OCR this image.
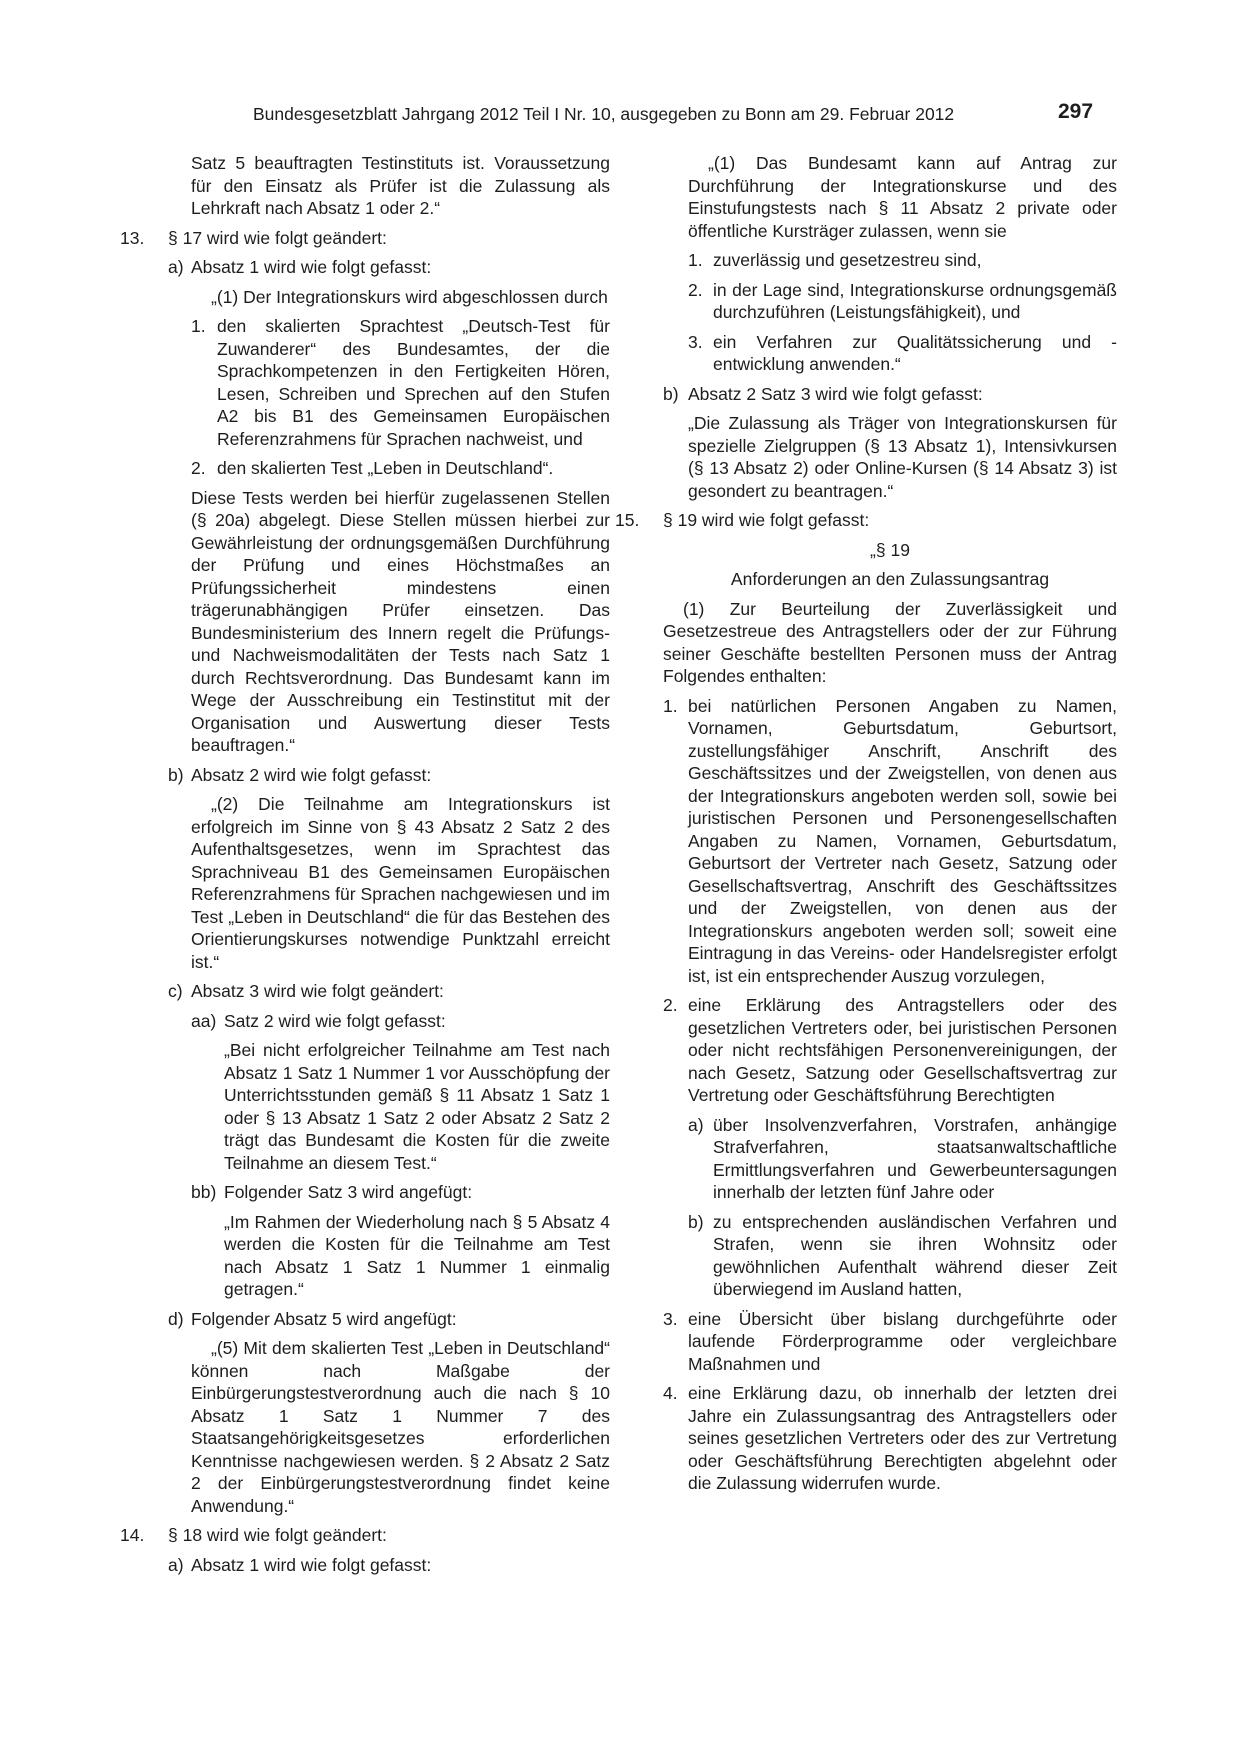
Bundesgesetzblatt Jahrgang 2012 Teil I Nr. 10, ausgegeben zu Bonn am 29. Februar 2012	297

Satz 5 beauftragten Testinstituts ist. Voraussetzung für den Einsatz als Prüfer ist die Zulassung als Lehrkraft nach Absatz 1 oder 2.“

13. § 17 wird wie folgt geändert:
a) Absatz 1 wird wie folgt gefasst:

„(1) Der Integrationskurs wird abgeschlossen durch

1. den skalierten Sprachtest „Deutsch-Test für Zuwanderer“ des Bundesamtes, der die Sprachkompetenzen in den Fertigkeiten Hören, Lesen, Schreiben und Sprechen auf den Stufen A2 bis B1 des Gemeinsamen Europäischen Referenzrahmens für Sprachen nachweist, und
2. den skalierten Test „Leben in Deutschland“.

Diese Tests werden bei hierfür zugelassenen Stellen (§ 20a) abgelegt. Diese Stellen müssen hierbei zur Gewährleistung der ordnungsgemäßen Durchführung der Prüfung und eines Höchstmaßes an Prüfungssicherheit mindestens einen trägerunabhängigen Prüfer einsetzen. Das Bundesministerium des Innern regelt die Prüfungs- und Nachweismodalitäten der Tests nach Satz 1 durch Rechtsverordnung. Das Bundesamt kann im Wege der Ausschreibung ein Testinstitut mit der Organisation und Auswertung dieser Tests beauftragen.“

b) Absatz 2 wird wie folgt gefasst:

„(2) Die Teilnahme am Integrationskurs ist erfolgreich im Sinne von § 43 Absatz 2 Satz 2 des Aufenthaltsgesetzes, wenn im Sprachtest das Sprachniveau B1 des Gemeinsamen Europäischen Referenzrahmens für Sprachen nachgewiesen und im Test „Leben in Deutschland“ die für das Bestehen des Orientierungskurses notwendige Punktzahl erreicht ist.“

c) Absatz 3 wird wie folgt geändert:
aa) Satz 2 wird wie folgt gefasst:

„Bei nicht erfolgreicher Teilnahme am Test nach Absatz 1 Satz 1 Nummer 1 vor Ausschöpfung der Unterrichtsstunden gemäß § 11 Absatz 1 Satz 1 oder § 13 Absatz 1 Satz 2 oder Absatz 2 Satz 2 trägt das Bundesamt die Kosten für die zweite Teilnahme an diesem Test.“

bb) Folgender Satz 3 wird angefügt:

„Im Rahmen der Wiederholung nach § 5 Absatz 4 werden die Kosten für die Teilnahme am Test nach Absatz 1 Satz 1 Nummer 1 einmalig getragen.“

d) Folgender Absatz 5 wird angefügt:

„(5) Mit dem skalierten Test „Leben in Deutschland“ können nach Maßgabe der Einbürgerungstestverordnung auch die nach § 10 Absatz 1 Satz 1 Nummer 7 des Staatsangehörigkeitsgesetzes erforderlichen Kenntnisse nachgewiesen werden. § 2 Absatz 2 Satz 2 der Einbürgerungstestverordnung findet keine Anwendung.“

14. § 18 wird wie folgt geändert:
a) Absatz 1 wird wie folgt gefasst:

„(1) Das Bundesamt kann auf Antrag zur Durchführung der Integrationskurse und des Einstufungstests nach § 11 Absatz 2 private oder öffentliche Kursträger zulassen, wenn sie

1. zuverlässig und gesetzestreu sind,
2. in der Lage sind, Integrationskurse ordnungsgemäß durchzuführen (Leistungsfähigkeit), und
3. ein Verfahren zur Qualitätssicherung und -entwicklung anwenden.“
b) Absatz 2 Satz 3 wird wie folgt gefasst:

„Die Zulassung als Träger von Integrationskursen für spezielle Zielgruppen (§ 13 Absatz 1), Intensivkursen (§ 13 Absatz 2) oder Online-Kursen (§ 14 Absatz 3) ist gesondert zu beantragen.“

15. § 19 wird wie folgt gefasst:

„§ 19

Anforderungen an den Zulassungsantrag

(1) Zur Beurteilung der Zuverlässigkeit und Gesetzestreue des Antragstellers oder der zur Führung seiner Geschäfte bestellten Personen muss der Antrag Folgendes enthalten:

1. bei natürlichen Personen Angaben zu Namen, Vornamen, Geburtsdatum, Geburtsort, zustellungsfähiger Anschrift, Anschrift des Geschäftssitzes und der Zweigstellen, von denen aus der Integrationskurs angeboten werden soll, sowie bei juristischen Personen und Personengesellschaften Angaben zu Namen, Vornamen, Geburtsdatum, Geburtsort der Vertreter nach Gesetz, Satzung oder Gesellschaftsvertrag, Anschrift des Geschäftssitzes und der Zweigstellen, von denen aus der Integrationskurs angeboten werden soll; soweit eine Eintragung in das Vereins- oder Handelsregister erfolgt ist, ist ein entsprechender Auszug vorzulegen,
2. eine Erklärung des Antragstellers oder des gesetzlichen Vertreters oder, bei juristischen Personen oder nicht rechtsfähigen Personenvereinigungen, der nach Gesetz, Satzung oder Gesellschaftsvertrag zur Vertretung oder Geschäftsführung Berechtigten
a) über Insolvenzverfahren, Vorstrafen, anhängige Strafverfahren, staatsanwaltschaftliche Ermittlungsverfahren und Gewerbeuntersagungen innerhalb der letzten fünf Jahre oder
b) zu entsprechenden ausländischen Verfahren und Strafen, wenn sie ihren Wohnsitz oder gewöhnlichen Aufenthalt während dieser Zeit überwiegend im Ausland hatten,
3. eine Übersicht über bislang durchgeführte oder laufende Förderprogramme oder vergleichbare Maßnahmen und
4. eine Erklärung dazu, ob innerhalb der letzten drei Jahre ein Zulassungsantrag des Antragstellers oder seines gesetzlichen Vertreters oder des zur Vertretung oder Geschäftsführung Berechtigten abgelehnt oder die Zulassung widerrufen wurde.
